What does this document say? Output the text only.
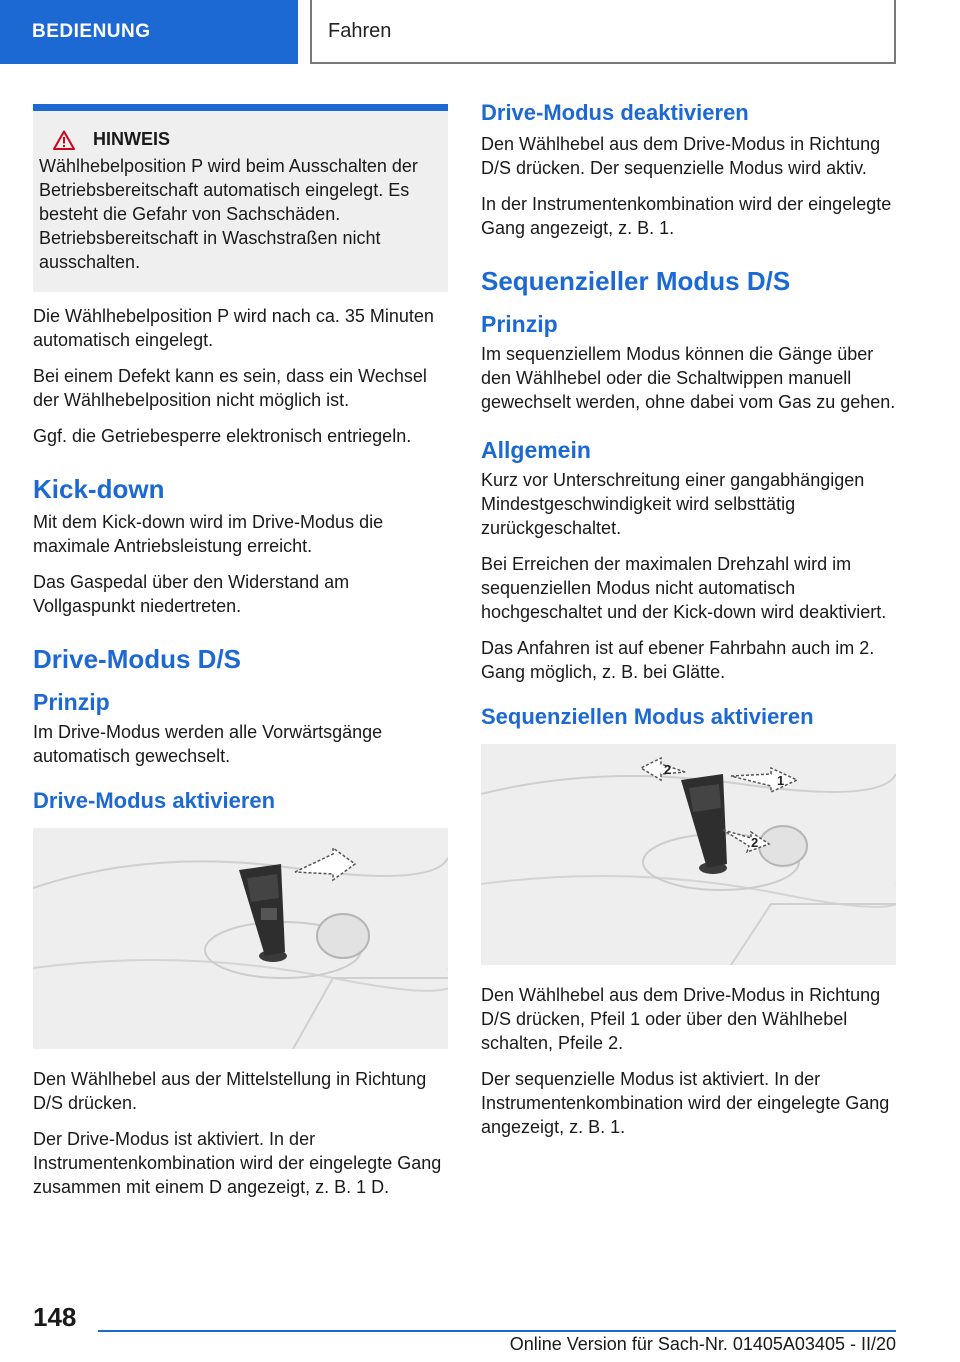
BEDIENUNG	Fahren
HINWEIS

Wählhebelposition P wird beim Ausschalten der Betriebsbereitschaft automatisch eingelegt. Es besteht die Gefahr von Sachschäden. Betriebsbereitschaft in Waschstraßen nicht ausschalten.

Die Wählhebelposition P wird nach ca. 35 Minuten automatisch eingelegt.

Bei einem Defekt kann es sein, dass ein Wechsel der Wählhebelposition nicht möglich ist.

Ggf. die Getriebesperre elektronisch entriegeln.

Kick-down

Mit dem Kick-down wird im Drive-Modus die maximale Antriebsleistung erreicht.

Das Gaspedal über den Widerstand am Vollgaspunkt niedertreten.

Drive-Modus D/S
Prinzip

Im Drive-Modus werden alle Vorwärtsgänge automatisch gewechselt.

Drive-Modus aktivieren

Den Wählhebel aus der Mittelstellung in Richtung D/S drücken.

Der Drive-Modus ist aktiviert. In der Instrumentenkombination wird der eingelegte Gang zusammen mit einem D angezeigt, z. B. 1 D.

Drive-Modus deaktivieren

Den Wählhebel aus dem Drive-Modus in Richtung D/S drücken. Der sequenzielle Modus wird aktiv.

In der Instrumentenkombination wird der eingelegte Gang angezeigt, z. B. 1.

Sequenzieller Modus D/S
Prinzip

Im sequenziellem Modus können die Gänge über den Wählhebel oder die Schaltwippen manuell gewechselt werden, ohne dabei vom Gas zu gehen.

Allgemein

Kurz vor Unterschreitung einer gangabhängigen Mindestgeschwindigkeit wird selbsttätig zurückgeschaltet.

Bei Erreichen der maximalen Drehzahl wird im sequenziellen Modus nicht automatisch hochgeschaltet und der Kick-down wird deaktiviert.

Das Anfahren ist auf ebener Fahrbahn auch im 2. Gang möglich, z. B. bei Glätte.

Sequenziellen Modus aktivieren
2
1
2

Den Wählhebel aus dem Drive-Modus in Richtung D/S drücken, Pfeil 1 oder über den Wählhebel schalten, Pfeile 2.

Der sequenzielle Modus ist aktiviert. In der Instrumentenkombination wird der eingelegte Gang angezeigt, z. B. 1.

148
Online Version für Sach-Nr. 01405A03405 - II/20
